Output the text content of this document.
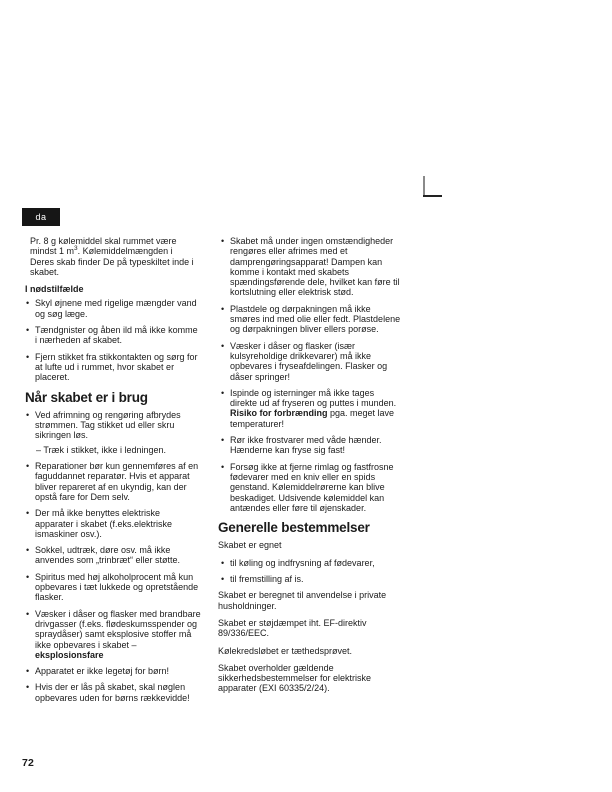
da

Pr. 8 g kølemiddel skal rummet være mindst 1 $m^3$. Kølemiddelmængden i Deres skab finder De på typeskiltet inde i skabet.

I nødstilfælde
• Skyl øjnene med rigelige mængder vand og søg læge.
• Tændgnister og åben ild må ikke komme i nærheden af skabet.
• Fjern stikket fra stikkontakten og sørg for at lufte ud i rummet, hvor skabet er placeret.
Når skabet er i brug
• Ved afrimning og rengøring afbrydes strømmen. Tag stikket ud eller skru sikringen løs.
– Træk i stikket, ikke i ledningen.
• Reparationer bør kun gennemføres af en faguddannet reparatør. Hvis et apparat bliver repareret af en ukyndig, kan der opstå fare for Dem selv.
• Der må ikke benyttes elektriske apparater i skabet (f.eks.elektriske ismaskiner osv.).
• Sokkel, udtræk, døre osv. må ikke anvendes som „trinbræt“ eller støtte.
• Spiritus med høj alkoholprocent må kun opbevares i tæt lukkede og opretstående flasker.
• Væsker i dåser og flasker med brandbare drivgasser (f.eks. flødeskumsspender og spraydåser) samt eksplosive stoffer må ikke opbevares i skabet – eksplosionsfare
• Apparatet er ikke legetøj for børn!
• Hvis der er lås på skabet, skal nøglen opbevares uden for børns rækkevidde!
• Skabet må under ingen omstændigheder rengøres eller afrimes med et damprengøringsapparat! Dampen kan komme i kontakt med skabets spændingsførende dele, hvilket kan føre til kortslutning eller elektrisk stød.
• Plastdele og dørpakningen må ikke smøres ind med olie eller fedt. Plastdelene og dørpakningen bliver ellers porøse.
• Væsker i dåser og flasker (især kulsyreholdige drikkevarer) må ikke opbevares i fryseafdelingen. Flasker og dåser springer!
• Ispinde og isterninger må ikke tages direkte ud af fryseren og puttes i munden. Risiko for forbrænding pga. meget lave temperaturer!
• Rør ikke frostvarer med våde hænder. Hænderne kan fryse sig fast!
• Forsøg ikke at fjerne rimlag og fastfrosne fødevarer med en kniv eller en spids genstand. Kølemiddelrørerne kan blive beskadiget. Udsivende kølemiddel kan antændes eller føre til øjenskader.
Generelle bestemmelser

Skabet er egnet

• til køling og indfrysning af fødevarer,
• til fremstilling af is.

Skabet er beregnet til anvendelse i private husholdninger.

Skabet er støjdæmpet iht. EF-direktiv 89/336/EEC.

Kølekredsløbet er tæthedsprøvet.

Skabet overholder gældende sikkerhedsbestemmelser for elektriske apparater (EXI 60335/2/24).

72
